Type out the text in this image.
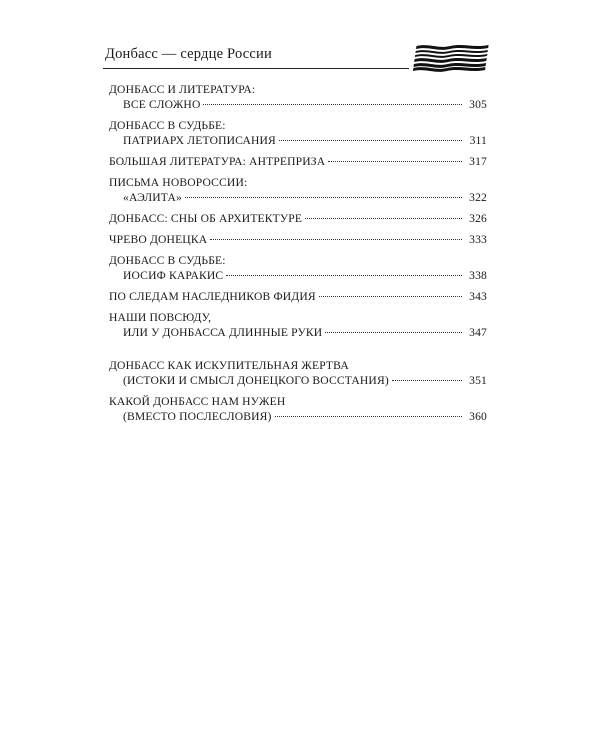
Донбасс — сердце России
ДОНБАСС И ЛИТЕРАТУРА:
ВСЕ СЛОЖНО	305
ДОНБАСС В СУДЬБЕ:
ПАТРИАРХ ЛЕТОПИСАНИЯ	311
БОЛЬШАЯ ЛИТЕРАТУРА: АНТРЕПРИЗА	317
ПИСЬМА НОВОРОССИИ:
«АЭЛИТА»	322
ДОНБАСС: СНЫ ОБ АРХИТЕКТУРЕ	326
ЧРЕВО ДОНЕЦКА	333
ДОНБАСС В СУДЬБЕ:
ИОСИФ КАРАКИС	338
ПО СЛЕДАМ НАСЛЕДНИКОВ ФИДИЯ	343
НАШИ ПОВСЮДУ,
ИЛИ У ДОНБАССА ДЛИННЫЕ РУКИ	347
ДОНБАСС КАК ИСКУПИТЕЛЬНАЯ ЖЕРТВА
(ИСТОКИ И СМЫСЛ ДОНЕЦКОГО ВОССТАНИЯ)	351
КАКОЙ ДОНБАСС НАМ НУЖЕН
(ВМЕСТО ПОСЛЕСЛОВИЯ)	360
